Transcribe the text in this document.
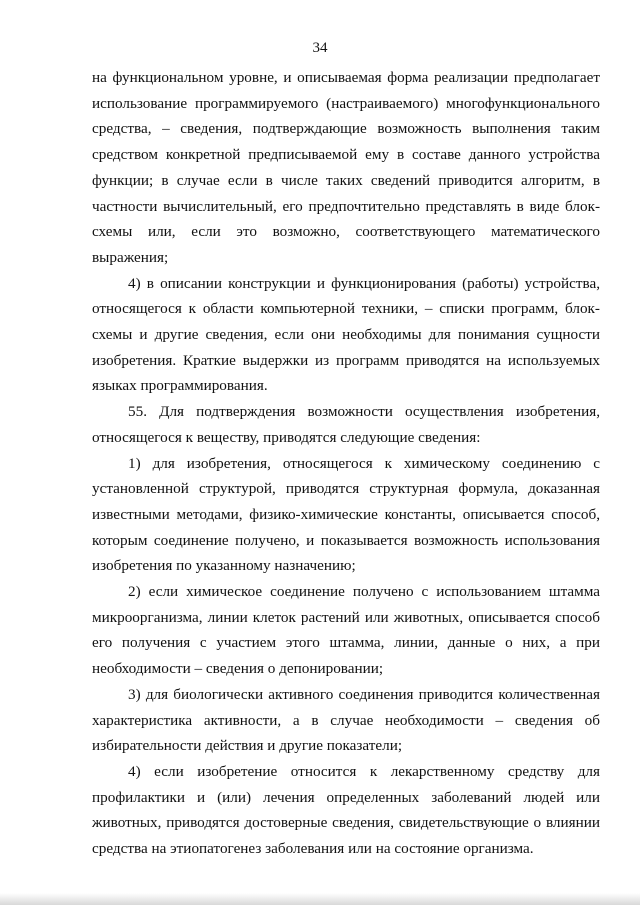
34

на функциональном уровне, и описываемая форма реализации предполагает использование программируемого (настраиваемого) многофункционального средства, – сведения, подтверждающие возможность выполнения таким средством конкретной предписываемой ему в составе данного устройства функции; в случае если в числе таких сведений приводится алгоритм, в частности вычислительный, его предпочтительно представлять в виде блок-схемы или, если это возможно, соответствующего математического выражения;

4) в описании конструкции и функционирования (работы) устройства, относящегося к области компьютерной техники, – списки программ, блок-схемы и другие сведения, если они необходимы для понимания сущности изобретения. Краткие выдержки из программ приводятся на используемых языках программирования.

55. Для подтверждения возможности осуществления изобретения, относящегося к веществу, приводятся следующие сведения:

1) для изобретения, относящегося к химическому соединению с установленной структурой, приводятся структурная формула, доказанная известными методами, физико-химические константы, описывается способ, которым соединение получено, и показывается возможность использования изобретения по указанному назначению;

2) если химическое соединение получено с использованием штамма микроорганизма, линии клеток растений или животных, описывается способ его получения с участием этого штамма, линии, данные о них, а при необходимости – сведения о депонировании;

3) для биологически активного соединения приводится количественная характеристика активности, а в случае необходимости – сведения об избирательности действия и другие показатели;

4) если изобретение относится к лекарственному средству для профилактики и (или) лечения определенных заболеваний людей или животных, приводятся достоверные сведения, свидетельствующие о влиянии средства на этиопатогенез заболевания или на состояние организма.
